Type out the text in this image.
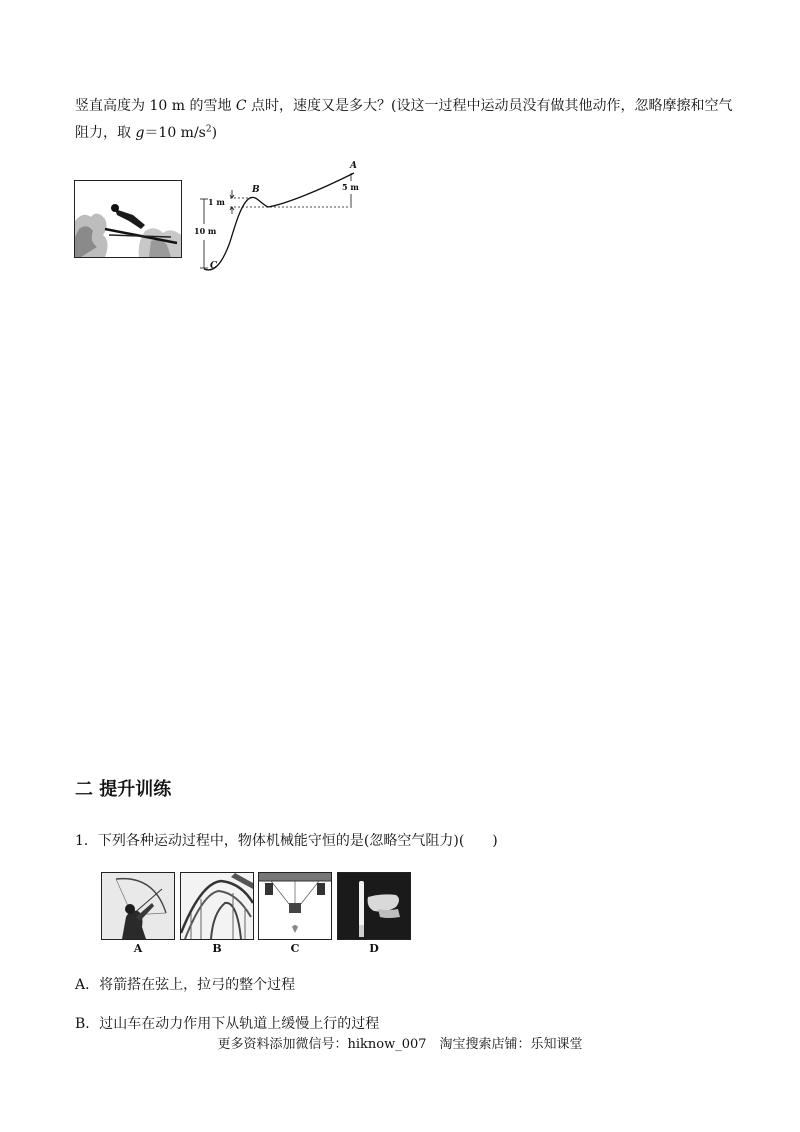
竖直高度为 10 m 的雪地 C 点时，速度又是多大？(设这一过程中运动员没有做其他动作，忽略摩擦和空气
阻力，取 g＝10 $m/s^2$)
A
B
C
1 m
10 m
5 m
二 提升训练
1．下列各种运动过程中，物体机械能守恒的是(忽略空气阻力)(　　)
A	B	C	D
A．将箭搭在弦上，拉弓的整个过程
B．过山车在动力作用下从轨道上缓慢上行的过程
更多资料添加微信号：hiknow_007　淘宝搜索店铺：乐知课堂
